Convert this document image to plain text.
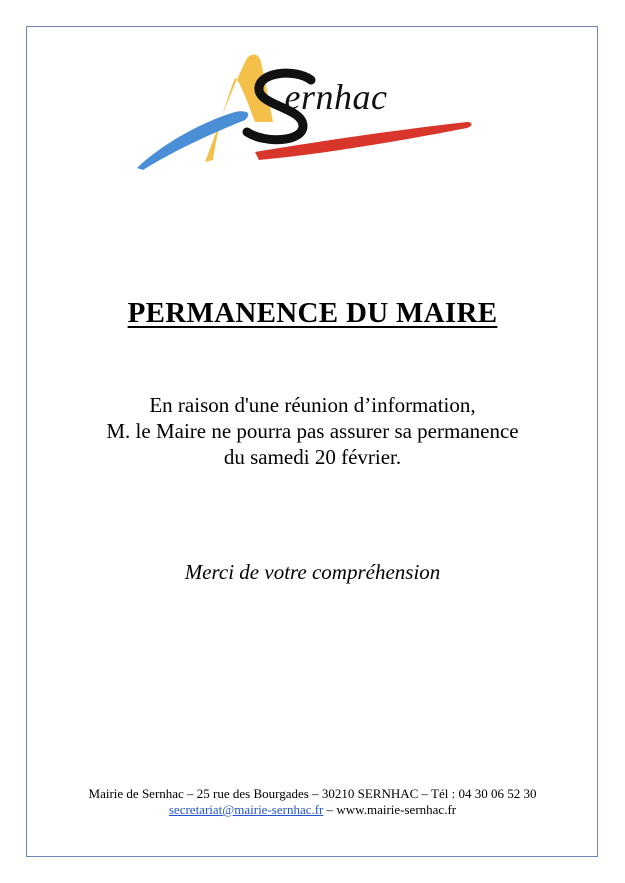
ernhac
PERMANENCE DU MAIRE
En raison d'une réunion d’information,
M. le Maire ne pourra pas assurer sa permanence
du samedi 20 février.
Merci de votre compréhension
Mairie de Sernhac – 25 rue des Bourgades – 30210 SERNHAC – Tél : 04 30 06 52 30
secretariat@mairie-sernhac.fr – www.mairie-sernhac.fr
